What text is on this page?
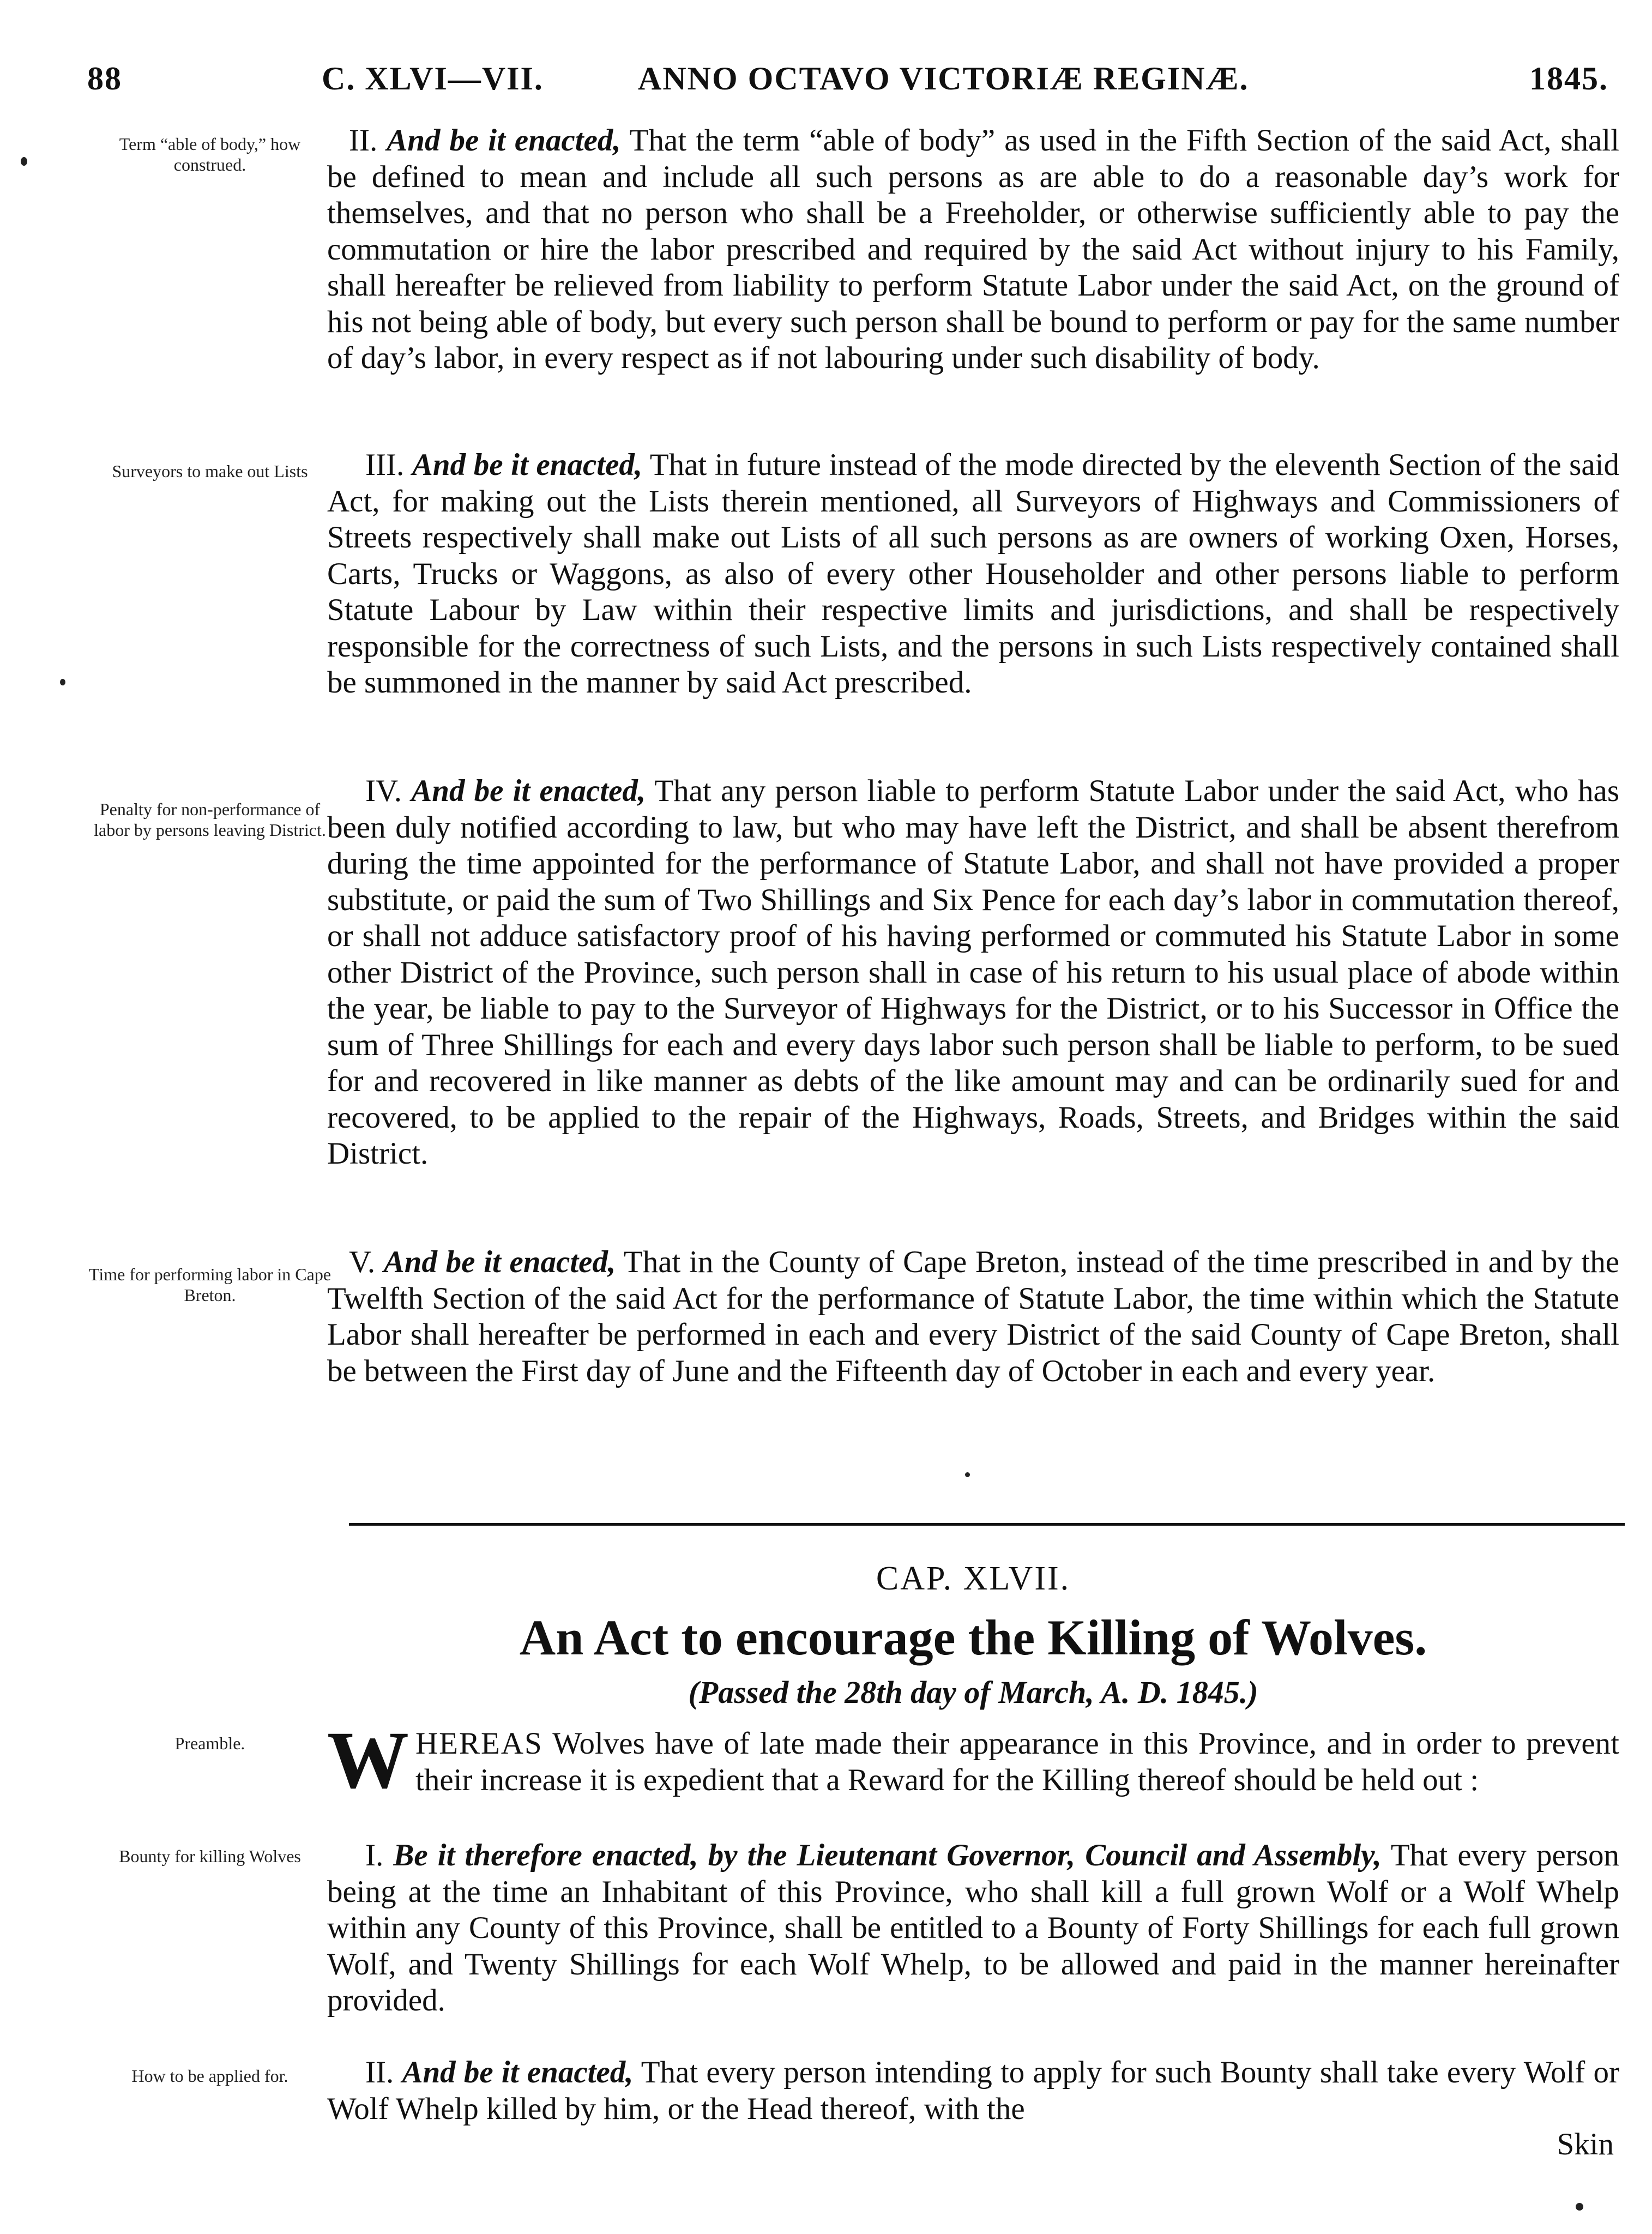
88	C. XLVI—VII.	ANNO OCTAVO VICTORIÆ REGINÆ.	1845.
Term “able of body,” how construed.

II. And be it enacted, That the term “able of body” as used in the Fifth Section of the said Act, shall be defined to mean and include all such persons as are able to do a reasonable day’s work for themselves, and that no person who shall be a Freeholder, or otherwise sufficiently able to pay the commutation or hire the labor prescribed and required by the said Act without injury to his Family, shall hereafter be relieved from liability to perform Statute Labor under the said Act, on the ground of his not being able of body, but every such person shall be bound to perform or pay for the same number of day’s labor, in every respect as if not labouring under such disability of body.

Surveyors to make out Lists	III. And be it enacted, That in future instead of the mode directed by the eleventh Section of the said Act, for making out the Lists therein mentioned, all Surveyors of Highways and Commissioners of Streets respectively shall make out Lists of all such persons as are owners of working Oxen, Horses, Carts, Trucks or Waggons, as also of every other Householder and other persons liable to perform Statute Labour by Law within their respective limits and jurisdictions, and shall be respectively responsible for the correctness of such Lists, and the persons in such Lists respectively contained shall be summoned in the manner by said Act prescribed.

Penalty for non-performance of labor by persons leaving District.

IV. And be it enacted, That any person liable to perform Statute Labor under the said Act, who has been duly notified according to law, but who may have left the District, and shall be absent therefrom during the time appointed for the performance of Statute Labor, and shall not have provided a proper substitute, or paid the sum of Two Shillings and Six Pence for each day’s labor in commutation thereof, or shall not adduce satisfactory proof of his having performed or commuted his Statute Labor in some other District of the Province, such person shall in case of his return to his usual place of abode within the year, be liable to pay to the Surveyor of Highways for the District, or to his Successor in Office the sum of Three Shillings for each and every days labor such person shall be liable to perform, to be sued for and recovered in like manner as debts of the like amount may and can be ordinarily sued for and recovered, to be applied to the repair of the Highways, Roads, Streets, and Bridges within the said District.

Time for performing labor in Cape Breton.

V. And be it enacted, That in the County of Cape Breton, instead of the time prescribed in and by the Twelfth Section of the said Act for the performance of Statute Labor, the time within which the Statute Labor shall hereafter be performed in each and every District of the said County of Cape Breton, shall be between the First day of June and the Fifteenth day of October in each and every year.

CAP. XLVII.
An Act to encourage the Killing of Wolves.
(Passed the 28th day of March, A. D. 1845.)
Preamble.	W HEREAS Wolves have of late made their appearance in this Province, and in order to prevent their increase it is expedient that a Reward for the Killing thereof should be held out :

Bounty for killing Wolves	I. Be it therefore enacted, by the Lieutenant Governor, Council and Assembly, That every person being at the time an Inhabitant of this Province, who shall kill a full grown Wolf or a Wolf Whelp within any County of this Province, shall be entitled to a Bounty of Forty Shillings for each full grown Wolf, and Twenty Shillings for each Wolf Whelp, to be allowed and paid in the manner hereinafter provided.

How to be applied for.	II. And be it enacted, That every person intending to apply for such Bounty shall take every Wolf or Wolf Whelp killed by him, or the Head thereof, with the

Skin
